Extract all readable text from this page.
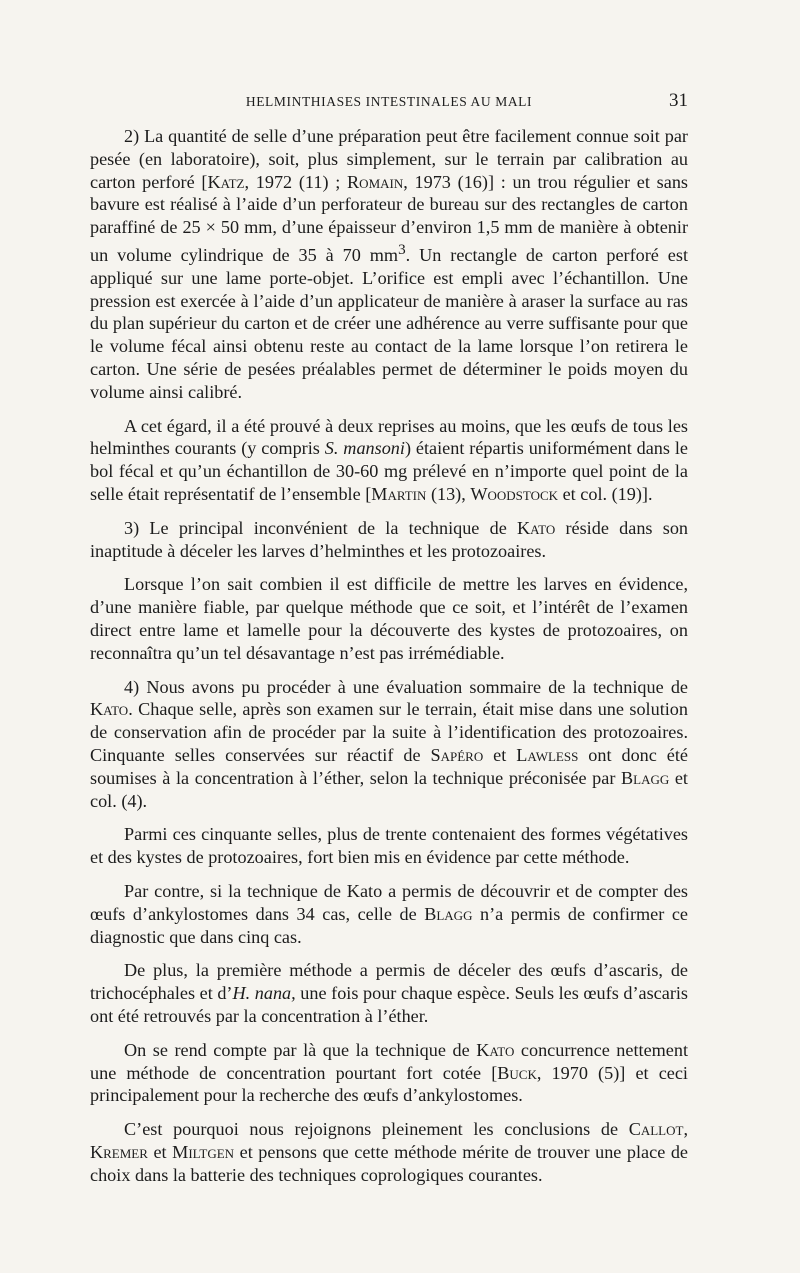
HELMINTHIASES INTESTINALES AU MALI	31

2) La quantité de selle d’une préparation peut être facilement connue soit par pesée (en laboratoire), soit, plus simplement, sur le terrain par calibration au carton perforé [Katz, 1972 (11) ; Romain, 1973 (16)] : un trou régulier et sans bavure est réalisé à l’aide d’un perforateur de bureau sur des rectangles de carton paraffiné de 25 × 50 mm, d’une épaisseur d’environ 1,5 mm de manière à obtenir un volume cylindrique de 35 à 70 $mm^3$. Un rectangle de carton perforé est appliqué sur une lame porte-objet. L’orifice est empli avec l’échantillon. Une pression est exercée à l’aide d’un applicateur de manière à araser la surface au ras du plan supérieur du carton et de créer une adhérence au verre suffisante pour que le volume fécal ainsi obtenu reste au contact de la lame lorsque l’on retirera le carton. Une série de pesées préalables permet de déterminer le poids moyen du volume ainsi calibré.

A cet égard, il a été prouvé à deux reprises au moins, que les œufs de tous les helminthes courants (y compris S. mansoni) étaient répartis uniformément dans le bol fécal et qu’un échantillon de 30-60 mg prélevé en n’importe quel point de la selle était représentatif de l’ensemble [Martin (13), Woodstock et col. (19)].

3) Le principal inconvénient de la technique de Kato réside dans son inaptitude à déceler les larves d’helminthes et les protozoaires.

Lorsque l’on sait combien il est difficile de mettre les larves en évidence, d’une manière fiable, par quelque méthode que ce soit, et l’intérêt de l’examen direct entre lame et lamelle pour la découverte des kystes de protozoaires, on reconnaîtra qu’un tel désavantage n’est pas irrémédiable.

4) Nous avons pu procéder à une évaluation sommaire de la technique de Kato. Chaque selle, après son examen sur le terrain, était mise dans une solution de conservation afin de procéder par la suite à l’identification des protozoaires. Cinquante selles conservées sur réactif de Sapéro et Lawless ont donc été soumises à la concentration à l’éther, selon la technique préconisée par Blagg et col. (4).

Parmi ces cinquante selles, plus de trente contenaient des formes végétatives et des kystes de protozoaires, fort bien mis en évidence par cette méthode.

Par contre, si la technique de Kato a permis de découvrir et de compter des œufs d’ankylostomes dans 34 cas, celle de Blagg n’a permis de confirmer ce diagnostic que dans cinq cas.

De plus, la première méthode a permis de déceler des œufs d’ascaris, de trichocéphales et d’H. nana, une fois pour chaque espèce. Seuls les œufs d’ascaris ont été retrouvés par la concentration à l’éther.

On se rend compte par là que la technique de Kato concurrence nettement une méthode de concentration pourtant fort cotée [Buck, 1970 (5)] et ceci principalement pour la recherche des œufs d’ankylostomes.

C’est pourquoi nous rejoignons pleinement les conclusions de Callot, Kremer et Miltgen et pensons que cette méthode mérite de trouver une place de choix dans la batterie des techniques coprologiques courantes.
